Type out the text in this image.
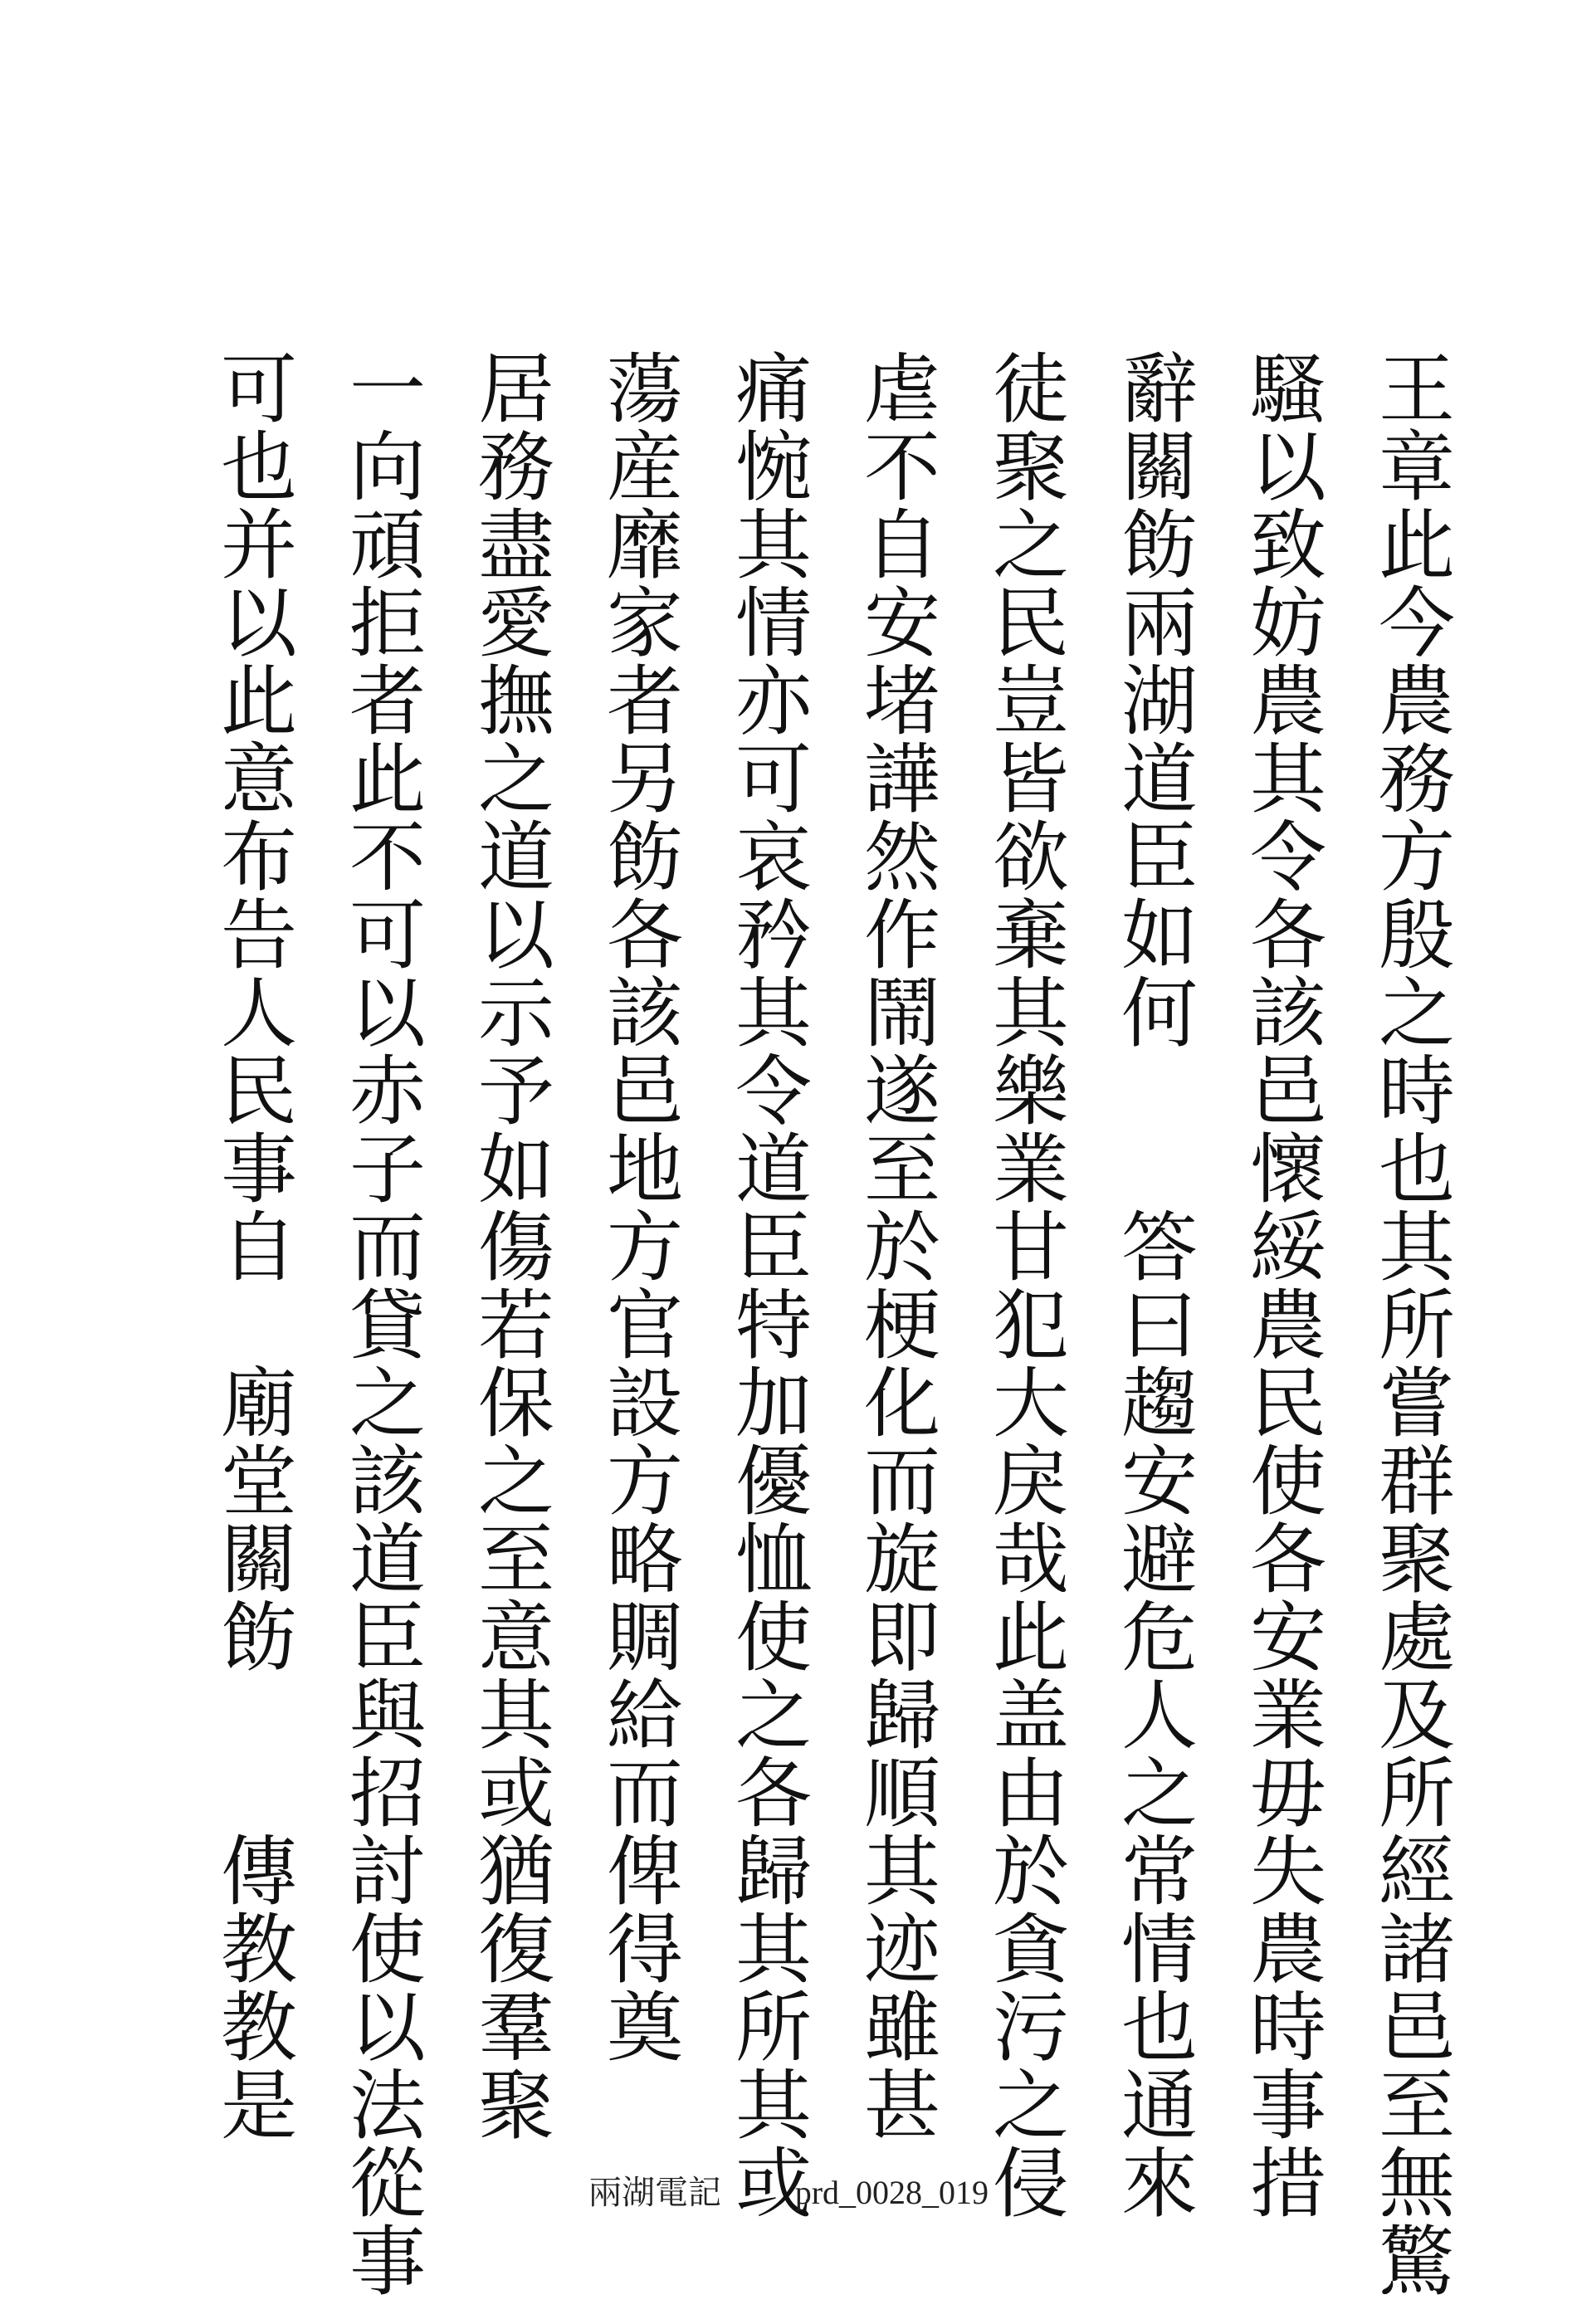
王章此今農務方殷之時也其所嘗群聚處及所經諸邑至無驚
騷以致妨農其令各該邑懷綏農民使各安業毋失農時事措
辭關飭兩湖道臣如何　　答曰趨安避危人之常情也通來
徒聚之民豈皆欲棄其樂業甘犯大戾哉此盖由於貪污之侵
虐不自安堵譁然作鬧遂至於梗化而旋即歸順其迹雖甚
痛惋其情亦可哀矜其令道臣特加優恤使之各歸其所其或
蕩産靡家者另飭各該邑地方官設方略賙給而俾得奠
居務盡愛撫之道以示予如傷若保之至意其或猶復羣聚
一向頑拒者此不可以赤子而貸之該道臣與招討使以法從事
可也并以此意布告人民事自　廟堂關飭　　傳教教是
兩湖電記 prd_0028_019
